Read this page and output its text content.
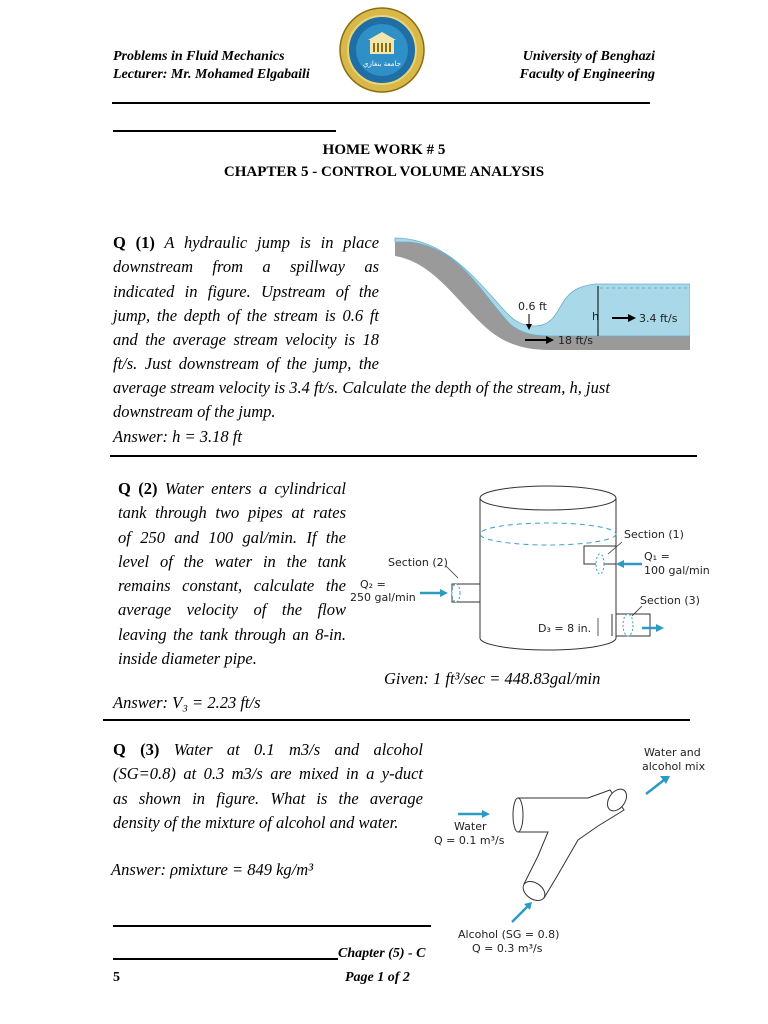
Problems in Fluid Mechanics
Lecturer: Mr. Mohamed Elgabaili
University of Benghazi
Faculty of Engineering
جامعة بنغازي
HOME WORK # 5
CHAPTER 5 - CONTROL VOLUME ANALYSIS
Q (1) A hydraulic jump is in place
downstream from a spillway as
indicated in figure. Upstream of the
jump, the depth of the stream is 0.6 ft
and the average stream velocity is 18
ft/s. Just downstream of the jump, the
average stream velocity is 3.4 ft/s. Calculate the depth of the stream, h, just
downstream of the jump.
Answer: h = 3.18 ft
0.6 ft
h
18 ft/s
3.4 ft/s
Q (2) Water enters a cylindrical
tank through two pipes at rates
of 250 and 100 gal/min. If the
level of the water in the tank
remains constant, calculate the
average velocity of the flow
leaving the tank through an 8-in.
inside diameter pipe.
Given: 1 ft³/sec = 448.83gal/min
Answer: V₃ = 2.23 ft/s
Section (2)
Section (1)
Section (3)
Q₁ =
100 gal/min
Q₂ =
250 gal/min
D₃ = 8 in.
Q (3) Water at 0.1 m3/s and alcohol
(SG=0.8) at 0.3 m3/s are mixed in a y-duct
as shown in figure. What is the average
density of the mixture of alcohol and water.
Answer: ρmixture = 849 kg/m³
Water and
alcohol mix
Water
Q = 0.1 m³/s
Alcohol (SG = 0.8)
Q = 0.3 m³/s
Chapter (5) - C
5	Page 1 of 2
